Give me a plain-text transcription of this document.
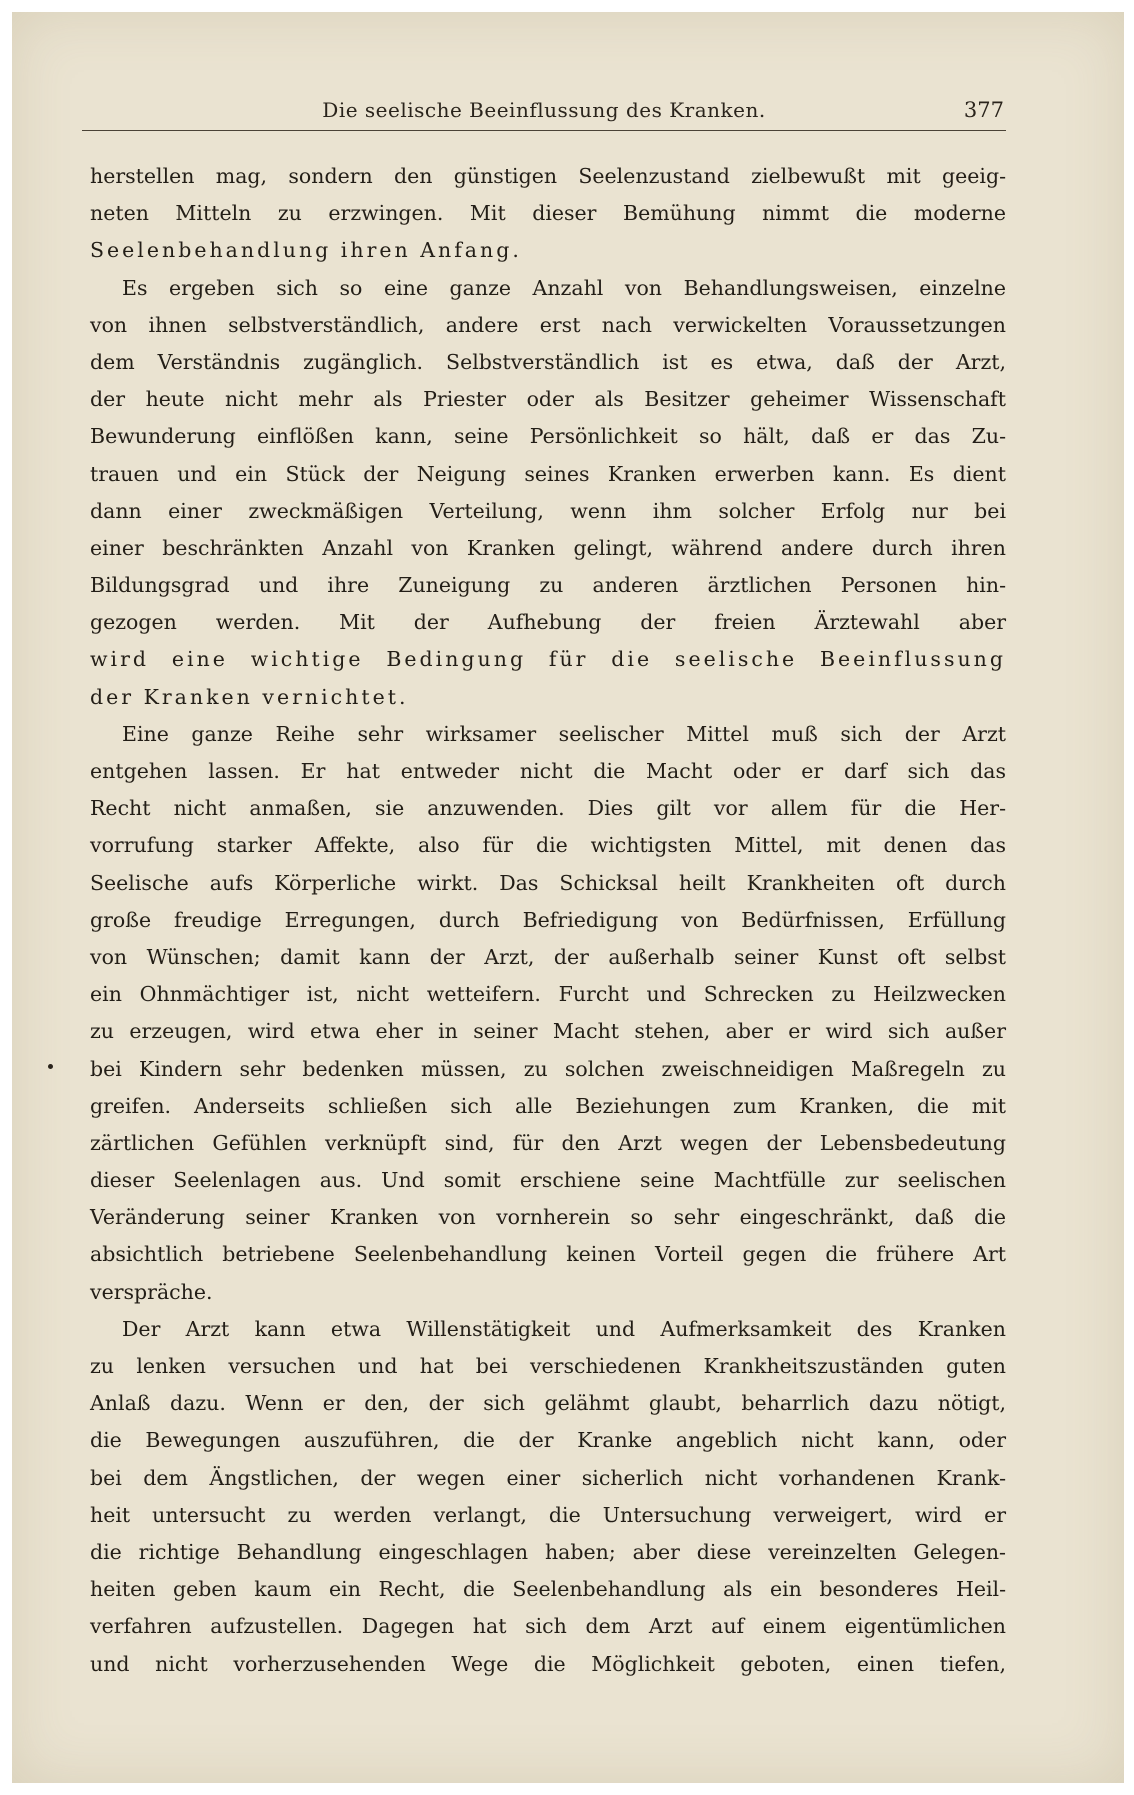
Die seelische Beeinflussung des Kranken.	377
herstellen mag, sondern den günstigen Seelenzustand zielbewußt mit geeig-
neten Mitteln zu erzwingen. Mit dieser Bemühung nimmt die moderne
Seelenbehandlung ihren Anfang.
Es ergeben sich so eine ganze Anzahl von Behandlungsweisen, einzelne
von ihnen selbstverständlich, andere erst nach verwickelten Voraussetzungen
dem Verständnis zugänglich. Selbstverständlich ist es etwa, daß der Arzt,
der heute nicht mehr als Priester oder als Besitzer geheimer Wissenschaft
Bewunderung einflößen kann, seine Persönlichkeit so hält, daß er das Zu-
trauen und ein Stück der Neigung seines Kranken erwerben kann. Es dient
dann einer zweckmäßigen Verteilung, wenn ihm solcher Erfolg nur bei
einer beschränkten Anzahl von Kranken gelingt, während andere durch ihren
Bildungsgrad und ihre Zuneigung zu anderen ärztlichen Personen hin-
gezogen werden. Mit der Aufhebung der freien Ärztewahl aber
wird eine wichtige Bedingung für die seelische Beeinflussung
der Kranken vernichtet.
Eine ganze Reihe sehr wirksamer seelischer Mittel muß sich der Arzt
entgehen lassen. Er hat entweder nicht die Macht oder er darf sich das
Recht nicht anmaßen, sie anzuwenden. Dies gilt vor allem für die Her-
vorrufung starker Affekte, also für die wichtigsten Mittel, mit denen das
Seelische aufs Körperliche wirkt. Das Schicksal heilt Krankheiten oft durch
große freudige Erregungen, durch Befriedigung von Bedürfnissen, Erfüllung
von Wünschen; damit kann der Arzt, der außerhalb seiner Kunst oft selbst
ein Ohnmächtiger ist, nicht wetteifern. Furcht und Schrecken zu Heilzwecken
zu erzeugen, wird etwa eher in seiner Macht stehen, aber er wird sich außer
bei Kindern sehr bedenken müssen, zu solchen zweischneidigen Maßregeln zu
greifen. Anderseits schließen sich alle Beziehungen zum Kranken, die mit
zärtlichen Gefühlen verknüpft sind, für den Arzt wegen der Lebensbedeutung
dieser Seelenlagen aus. Und somit erschiene seine Machtfülle zur seelischen
Veränderung seiner Kranken von vornherein so sehr eingeschränkt, daß die
absichtlich betriebene Seelenbehandlung keinen Vorteil gegen die frühere Art
verspräche.
Der Arzt kann etwa Willenstätigkeit und Aufmerksamkeit des Kranken
zu lenken versuchen und hat bei verschiedenen Krankheitszuständen guten
Anlaß dazu. Wenn er den, der sich gelähmt glaubt, beharrlich dazu nötigt,
die Bewegungen auszuführen, die der Kranke angeblich nicht kann, oder
bei dem Ängstlichen, der wegen einer sicherlich nicht vorhandenen Krank-
heit untersucht zu werden verlangt, die Untersuchung verweigert, wird er
die richtige Behandlung eingeschlagen haben; aber diese vereinzelten Gelegen-
heiten geben kaum ein Recht, die Seelenbehandlung als ein besonderes Heil-
verfahren aufzustellen. Dagegen hat sich dem Arzt auf einem eigentümlichen
und nicht vorherzusehenden Wege die Möglichkeit geboten, einen tiefen,
